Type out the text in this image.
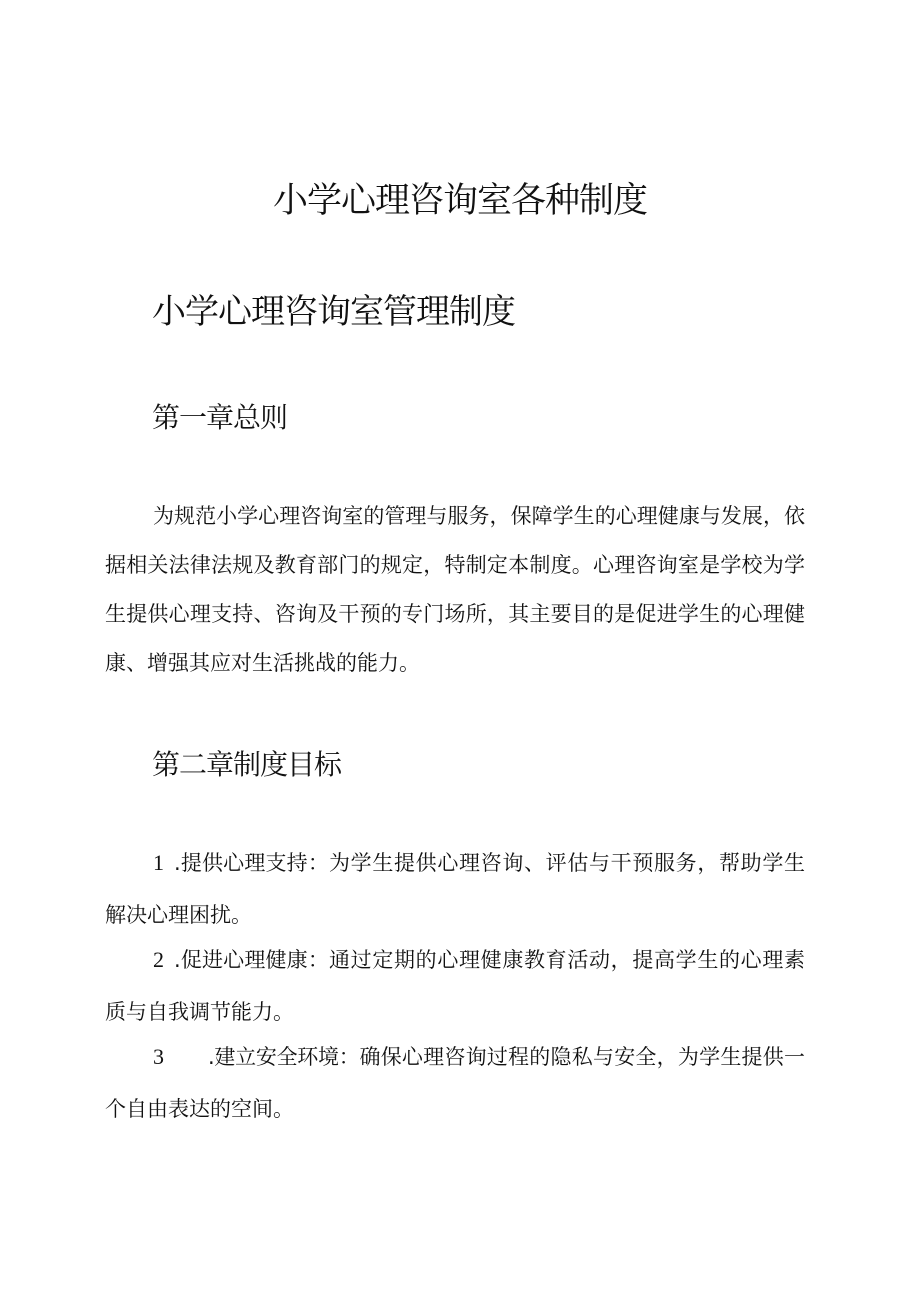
小学心理咨询室各种制度
小学心理咨询室管理制度
第一章总则

为规范小学心理咨询室的管理与服务，保障学生的心理健康与发展，依据相关法律法规及教育部门的规定，特制定本制度。心理咨询室是学校为学生提供心理支持、咨询及干预的专门场所，其主要目的是促进学生的心理健康、增强其应对生活挑战的能力。

第二章制度目标

1 .提供心理支持：为学生提供心理咨询、评估与干预服务，帮助学生解决心理困扰。

2 .促进心理健康：通过定期的心理健康教育活动，提高学生的心理素质与自我调节能力。

3 .建立安全环境：确保心理咨询过程的隐私与安全，为学生提供一个自由表达的空间。
